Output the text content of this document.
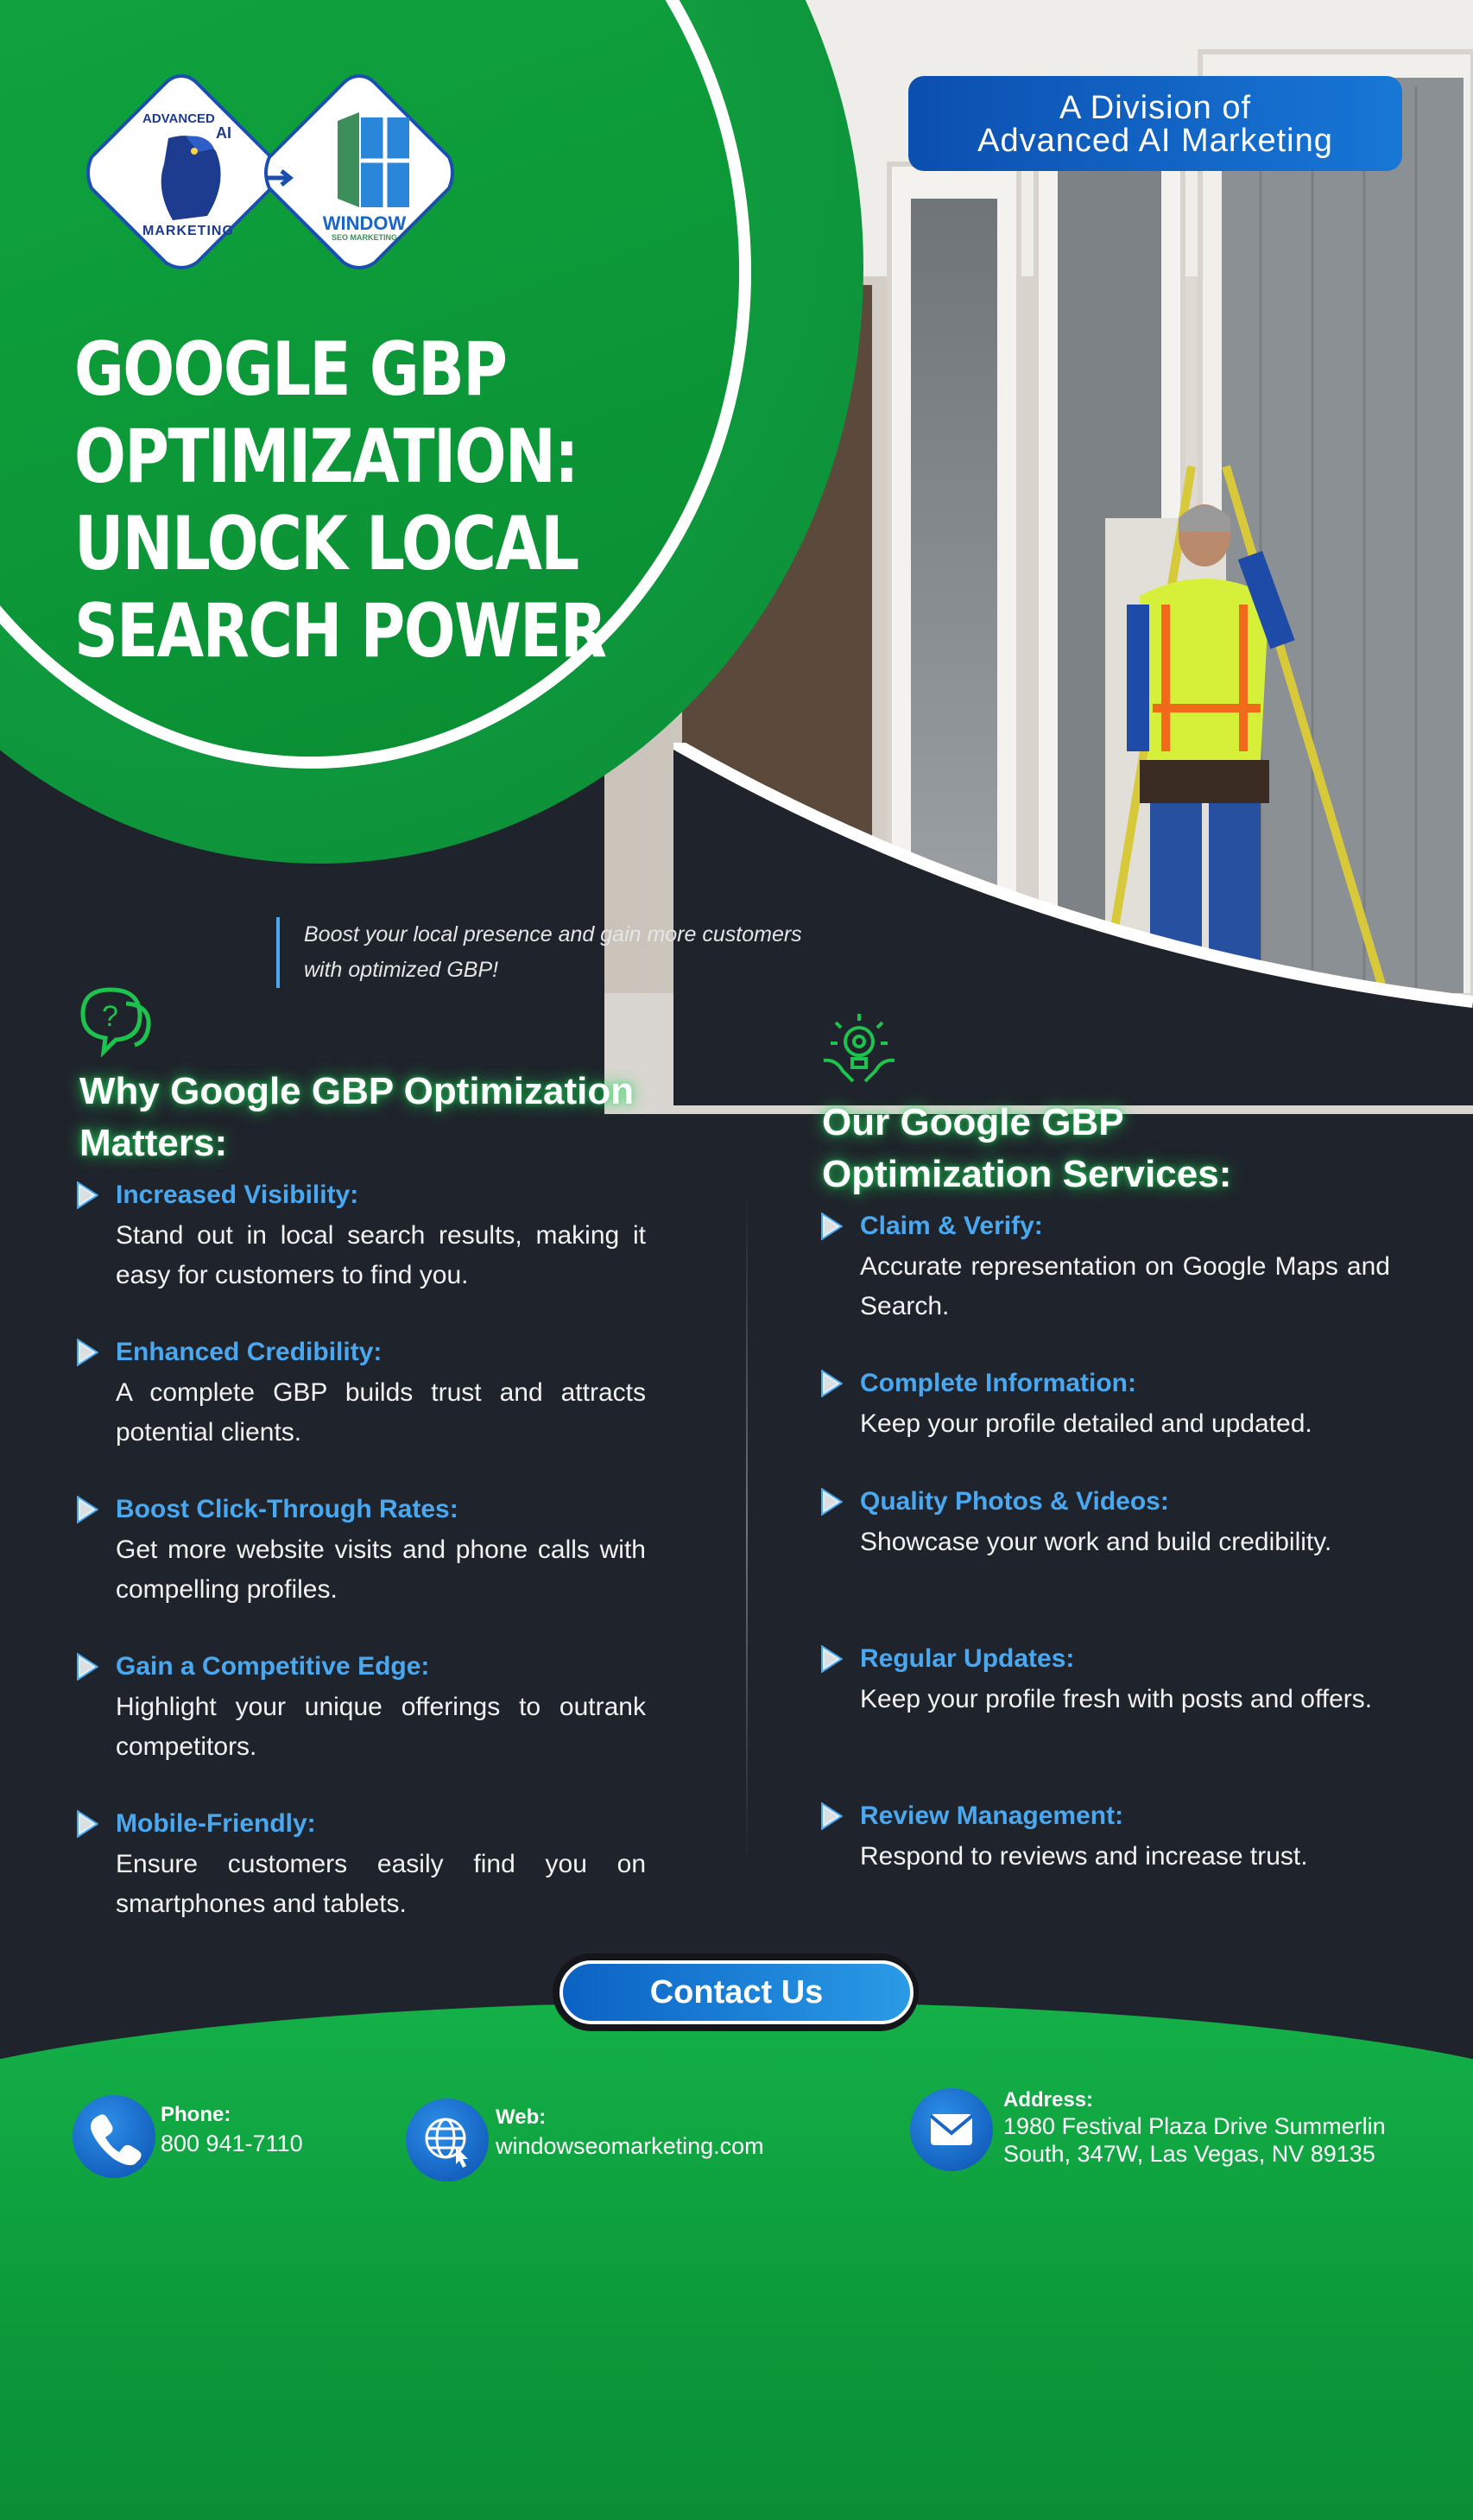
ADVANCED
AI
MARKETING	WINDOW
SEO MARKETING
A Division of
Advanced AI Marketing
GOOGLE GBP
OPTIMIZATION:
UNLOCK LOCAL
SEARCH POWER
Boost your local presence and gain more customers with optimized GBP!
?
Why Google GBP Optimization Matters:
Increased Visibility:
Stand out in local search results, making it easy for customers to find you.
Enhanced Credibility:
A complete GBP builds trust and attracts potential clients.
Boost Click-Through Rates:
Get more website visits and phone calls with compelling profiles.
Gain a Competitive Edge:
Highlight your unique offerings to outrank competitors.
Mobile-Friendly:
Ensure customers easily find you on smartphones and tablets.
Our Google GBP Optimization Services:
Claim & Verify:
Accurate representation on Google Maps and Search.
Complete Information:
Keep your profile detailed and updated.
Quality Photos & Videos:
Showcase your work and build credibility.
Regular Updates:
Keep your profile fresh with posts and offers.
Review Management:
Respond to reviews and increase trust.
Contact Us
Phone:
800 941-7110
Web:
windowseomarketing.com
Address:
1980 Festival Plaza Drive Summerlin
South, 347W, Las Vegas, NV 89135
